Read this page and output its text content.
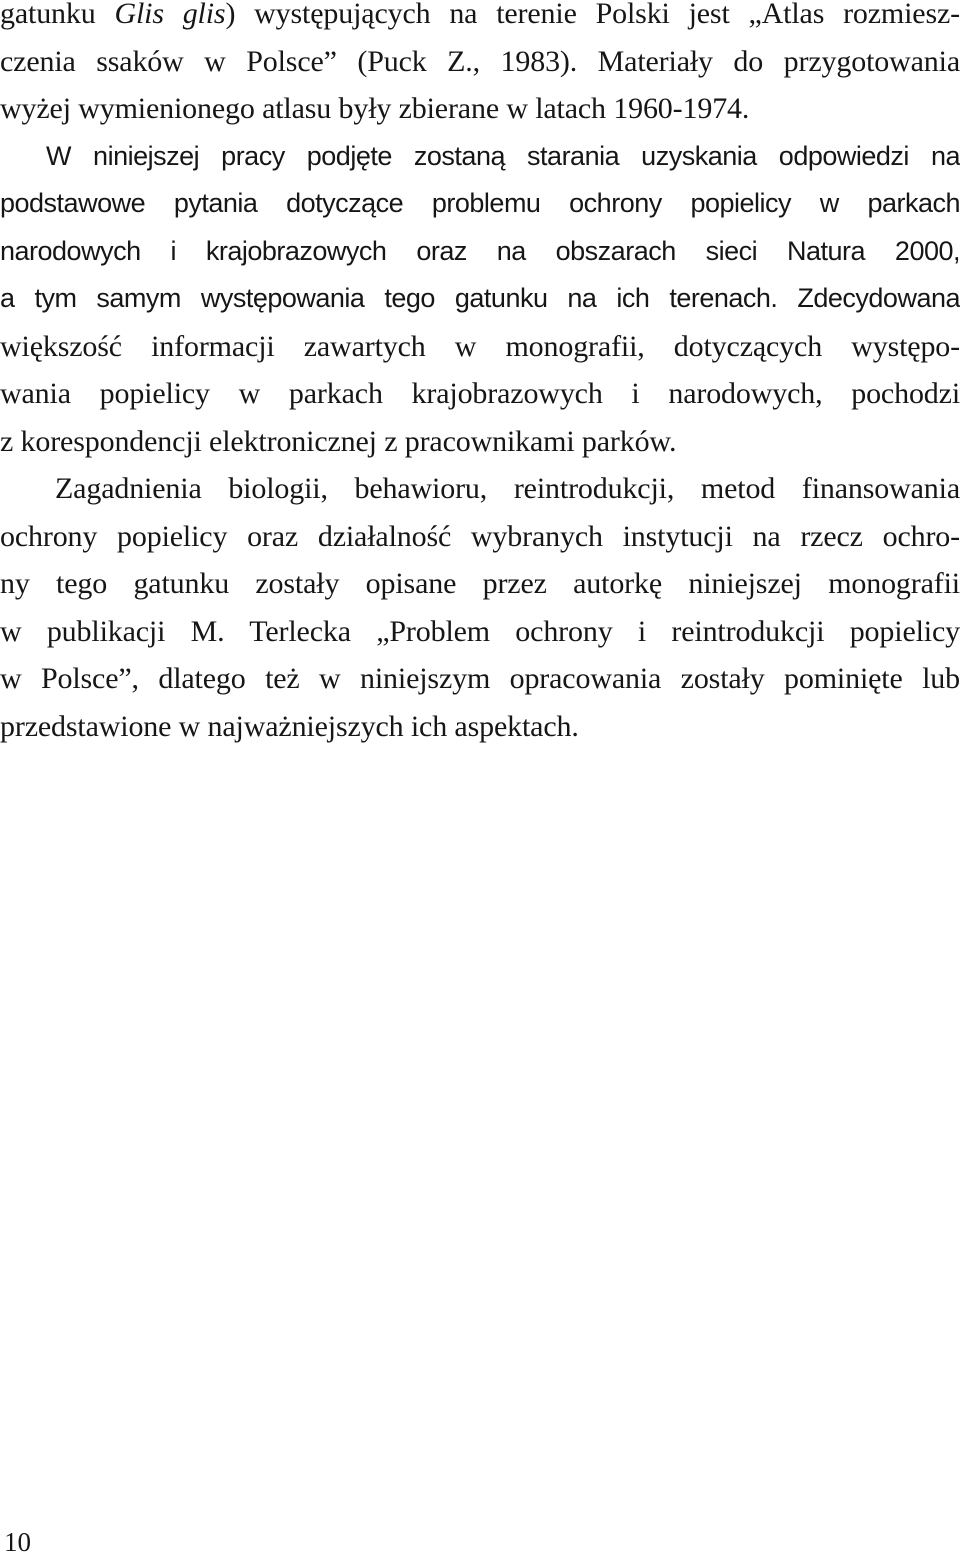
gatunku Glis glis) występujących na terenie Polski jest „Atlas rozmiesz-
czenia ssaków w Polsce” (Puck Z., 1983). Materiały do przygotowania
wyżej wymienionego atlasu były zbierane w latach 1960-1974.
W niniejszej pracy podjęte zostaną starania uzyskania odpowiedzi na
podstawowe pytania dotyczące problemu ochrony popielicy w parkach
narodowych i krajobrazowych oraz na obszarach sieci Natura 2000,
a tym samym występowania tego gatunku na ich terenach. Zdecydowana
większość informacji zawartych w monografii, dotyczących występo-
wania popielicy w parkach krajobrazowych i narodowych, pochodzi
z korespondencji elektronicznej z pracownikami parków.
Zagadnienia biologii, behawioru, reintrodukcji, metod finansowania
ochrony popielicy oraz działalność wybranych instytucji na rzecz ochro-
ny tego gatunku zostały opisane przez autorkę niniejszej monografii
w publikacji M. Terlecka „Problem ochrony i reintrodukcji popielicy
w Polsce”, dlatego też w niniejszym opracowania zostały pominięte lub
przedstawione w najważniejszych ich aspektach.
10
